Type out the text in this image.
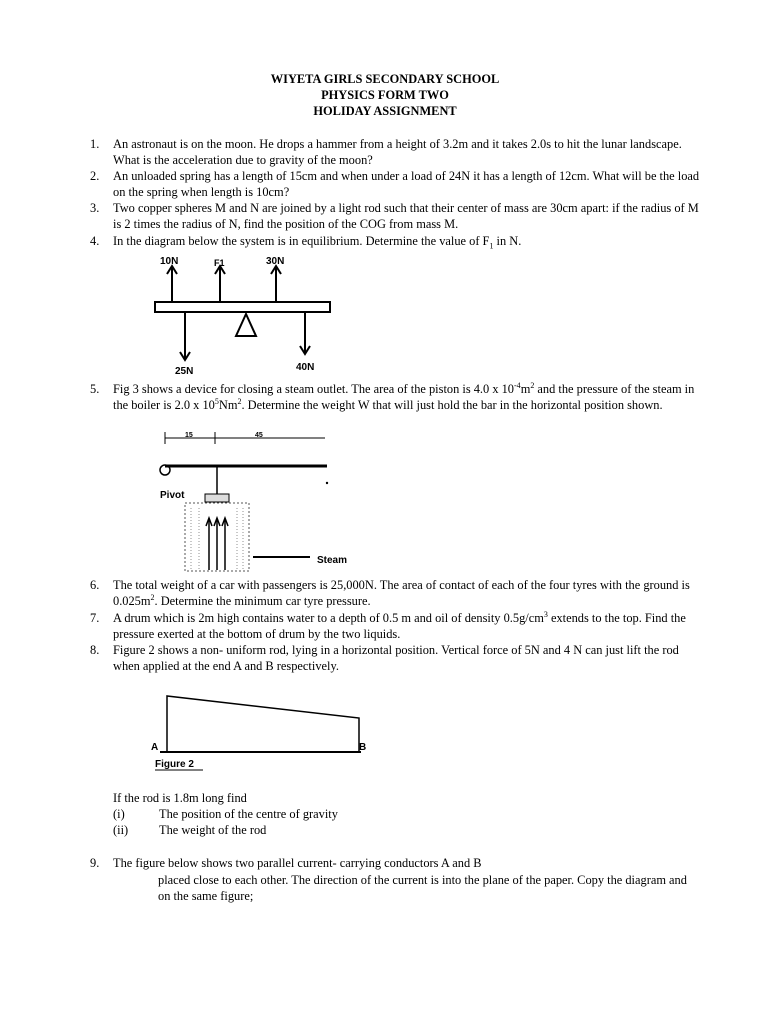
WIYETA GIRLS SECONDARY SCHOOL
PHYSICS FORM TWO
HOLIDAY ASSIGNMENT
1.	An astronaut is on the moon. He drops a hammer from a height of 3.2m and it takes 2.0s to hit the lunar landscape. What is the acceleration due to gravity of the moon?
2.	An unloaded spring has a length of 15cm and when under a load of 24N it has a length of 12cm. What will be the load on the spring when length is 10cm?
3.	Two copper spheres M and N are joined by a light rod such that their center of mass are 30cm apart: if the radius of M is 2 times the radius of N, find the position of the COG from mass M.
4.	In the diagram below the system is in equilibrium. Determine the value of $F_1$ in N.
10N	F1	30N
25N	40N
5.	Fig 3 shows a device for closing a steam outlet. The area of the piston is 4.0 x $10^{-4}m^2$ and the pressure of the steam in the boiler is 2.0 x $10^5Nm^2$. Determine the weight W that will just hold the bar in the horizontal position shown.
15	45
Pivot
Steam
6.	The total weight of a car with passengers is 25,000N. The area of contact of each of the four tyres with the ground is $0.025m^2$. Determine the minimum car tyre pressure.
7.	A drum which is 2m high contains water to a depth of 0.5 m and oil of density $0.5g/cm^3$ extends to the top. Find the pressure exerted at the bottom of drum by the two liquids.
8.	Figure 2 shows a non- uniform rod, lying in a horizontal position. Vertical force of 5N and 4 N can just lift the rod when applied at the end A and B respectively.
A	B
Figure 2
If the rod is 1.8m long find
(i)	The position of the centre of gravity
(ii) The weight of the rod
9.	The figure below shows two parallel current- carrying conductors A and B
placed close to each other. The direction of the current is into the plane of the paper. Copy the diagram and on the same figure;
